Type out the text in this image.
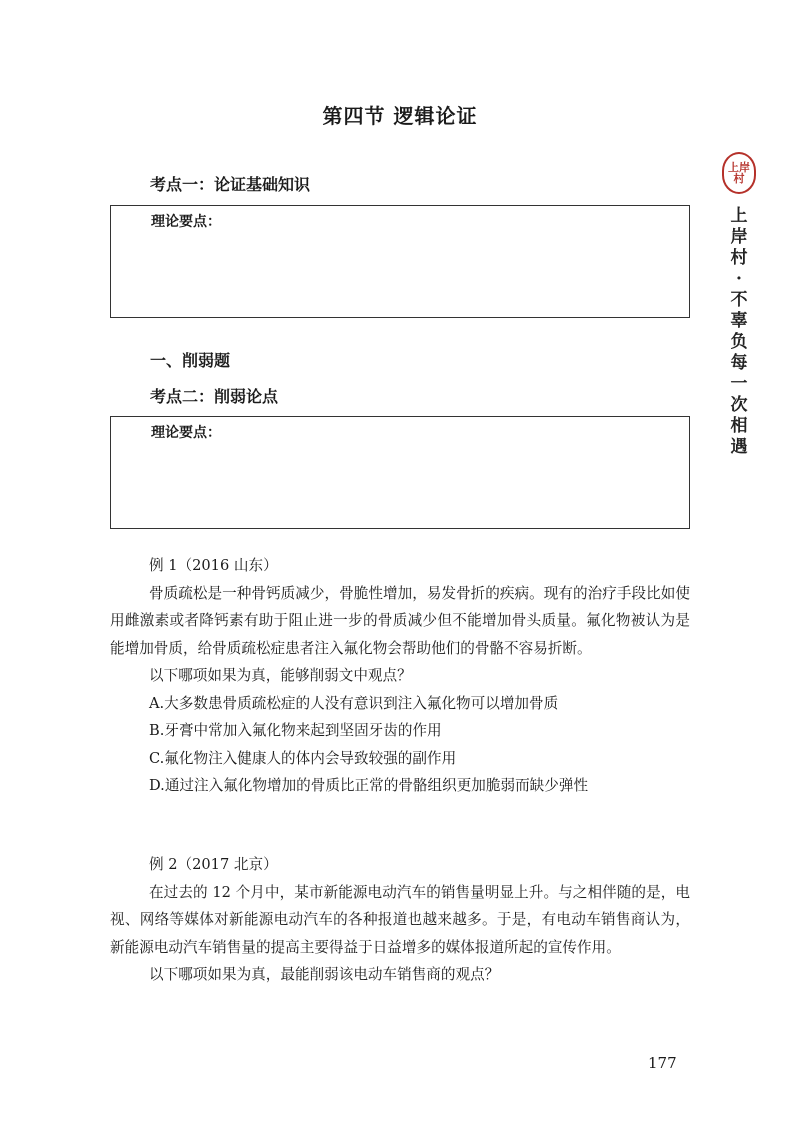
第四节 逻辑论证
考点一：论证基础知识
理论要点：
一、削弱题
考点二：削弱论点
理论要点：
例 1（2016 山东）

骨质疏松是一种骨钙质减少，骨脆性增加，易发骨折的疾病。现有的治疗手段比如使用雌激素或者降钙素有助于阻止进一步的骨质减少但不能增加骨头质量。氟化物被认为是能增加骨质，给骨质疏松症患者注入氟化物会帮助他们的骨骼不容易折断。

以下哪项如果为真，能够削弱文中观点？
A.大多数患骨质疏松症的人没有意识到注入氟化物可以增加骨质
B.牙膏中常加入氟化物来起到坚固牙齿的作用
C.氟化物注入健康人的体内会导致较强的副作用
D.通过注入氟化物增加的骨质比正常的骨骼组织更加脆弱而缺少弹性
例 2（2017 北京）

在过去的 12 个月中，某市新能源电动汽车的销售量明显上升。与之相伴随的是，电视、网络等媒体对新能源电动汽车的各种报道也越来越多。于是，有电动车销售商认为，新能源电动汽车销售量的提高主要得益于日益增多的媒体报道所起的宣传作用。

以下哪项如果为真，最能削弱该电动车销售商的观点？
上岸村
上岸村·不辜负每一次相遇
177
